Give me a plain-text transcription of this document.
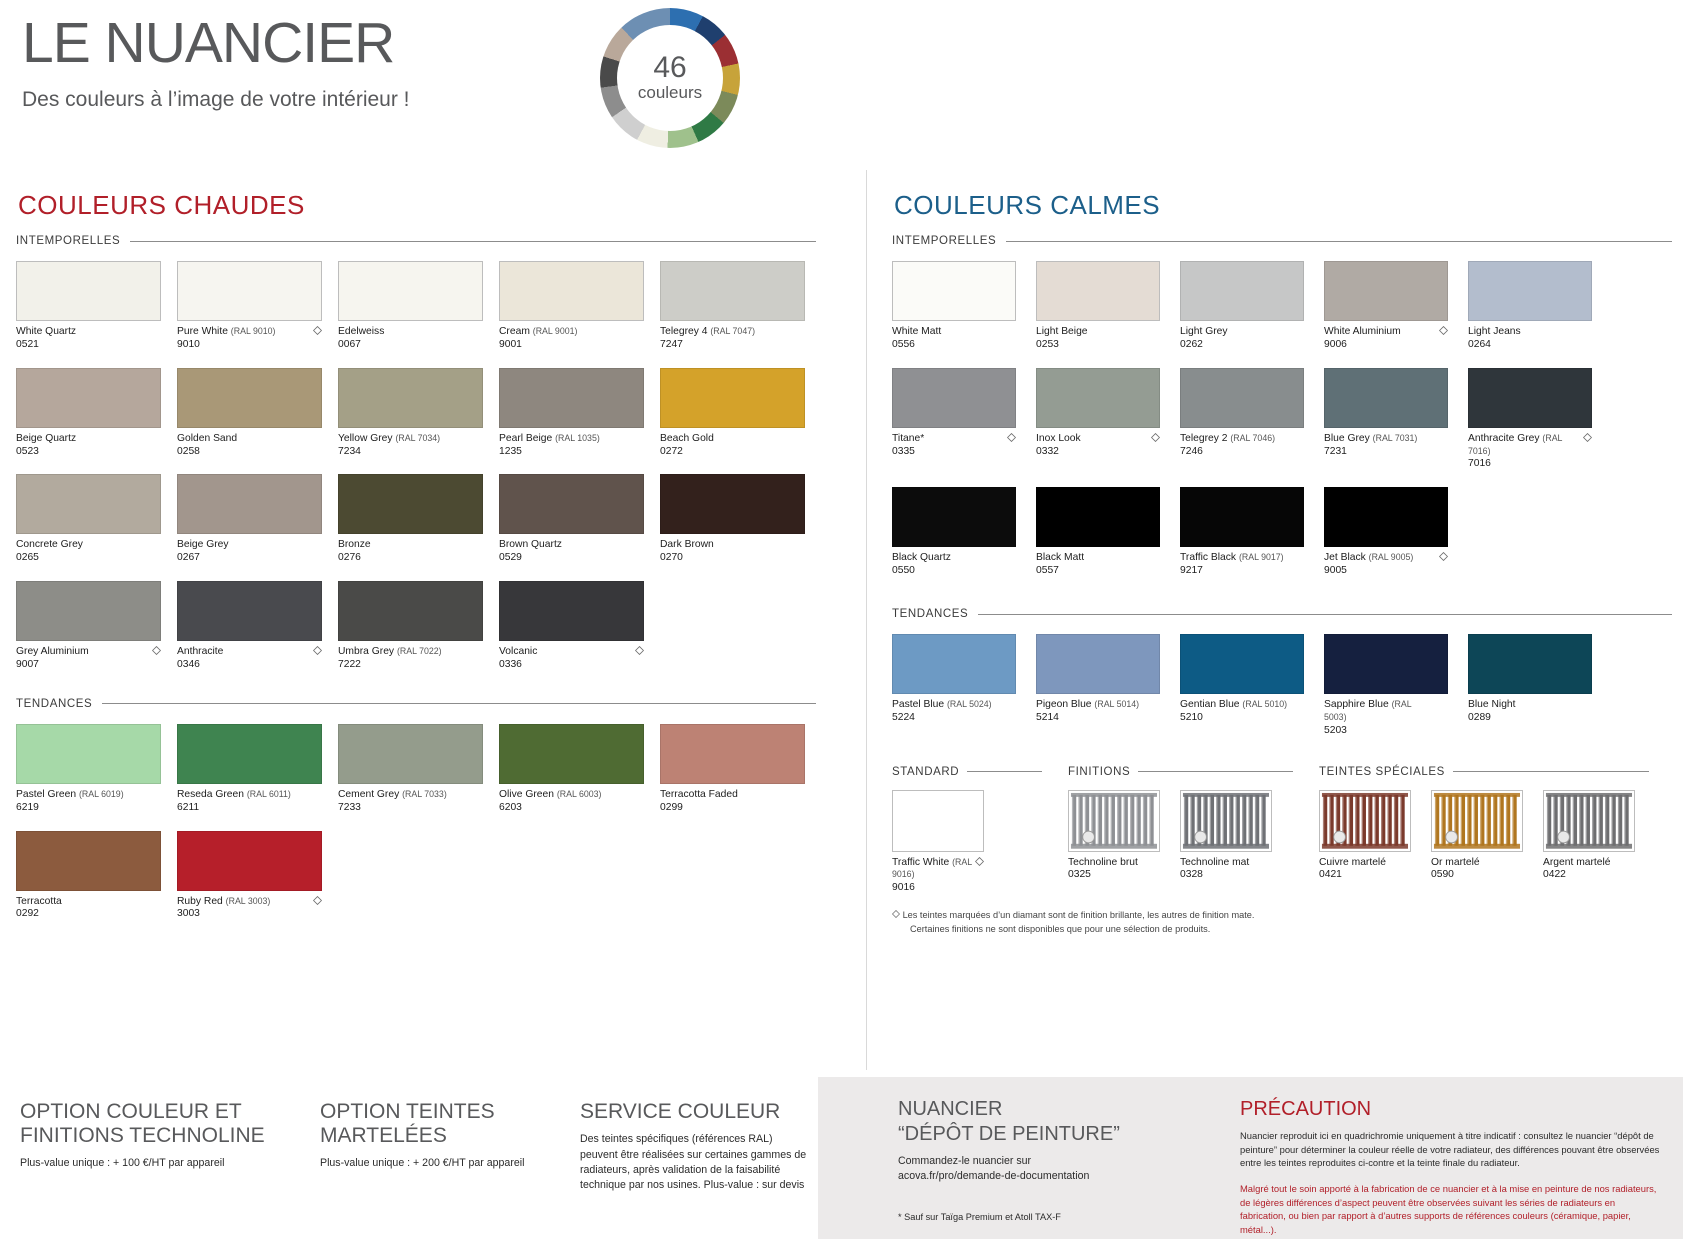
LE NUANCIER
Des couleurs à l’image de votre intérieur !
46
couleurs
COULEURS CHAUDES
INTEMPORELLES
White Quartz
0521
Pure White (RAL 9010)
9010
Edelweiss
0067
Cream (RAL 9001)
9001
Telegrey 4 (RAL 7047)
7247
Beige Quartz
0523
Golden Sand
0258
Yellow Grey (RAL 7034)
7234
Pearl Beige (RAL 1035)
1235
Beach Gold
0272
Concrete Grey
0265
Beige Grey
0267
Bronze
0276
Brown Quartz
0529
Dark Brown
0270
Grey Aluminium
9007
Anthracite
0346
Umbra Grey (RAL 7022)
7222
Volcanic
0336
TENDANCES
Pastel Green (RAL 6019)
6219
Reseda Green (RAL 6011)
6211
Cement Grey (RAL 7033)
7233
Olive Green (RAL 6003)
6203
Terracotta Faded
0299
Terracotta
0292
Ruby Red (RAL 3003)
3003
COULEURS CALMES
INTEMPORELLES
White Matt
0556
Light Beige
0253
Light Grey
0262
White Aluminium
9006
Light Jeans
0264
Titane*
0335
Inox Look
0332
Telegrey 2 (RAL 7046)
7246
Blue Grey (RAL 7031)
7231
Anthracite Grey (RAL 7016)
7016
Black Quartz
0550
Black Matt
0557
Traffic Black (RAL 9017)
9217
Jet Black (RAL 9005)
9005
TENDANCES
Pastel Blue (RAL 5024)
5224
Pigeon Blue (RAL 5014)
5214
Gentian Blue (RAL 5010)
5210
Sapphire Blue (RAL 5003)
5203
Blue Night
0289
STANDARD
Traffic White (RAL 9016)
9016
FINITIONS
Technoline brut
0325
Technoline mat
0328
TEINTES SPÉCIALES
Cuivre martelé
0421
Or martelé
0590
Argent martelé
0422
Les teintes marquées d’un diamant sont de finition brillante, les autres de finition mate.
Certaines finitions ne sont disponibles que pour une sélection de produits.
OPTION COULEUR ET FINITIONS TECHNOLINE
Plus-value unique : + 100 €/HT par appareil
OPTION TEINTES MARTELÉES
Plus-value unique : + 200 €/HT par appareil
SERVICE COULEUR
Des teintes spécifiques (références RAL) peuvent être réalisées sur certaines gammes de radiateurs, après validation de la faisabilité technique par nos usines. Plus-value : sur devis
NUANCIER
“DÉPÔT DE PEINTURE”
Commandez-le nuancier sur
acova.fr/pro/demande-de-documentation
* Sauf sur Taïga Premium et Atoll TAX-F
PRÉCAUTION
Nuancier reproduit ici en quadrichromie uniquement à titre indicatif : consultez le nuancier “dépôt de peinture” pour déterminer la couleur réelle de votre radiateur, des différences pouvant être observées entre les teintes reproduites ci-contre et la teinte finale du radiateur.
Malgré tout le soin apporté à la fabrication de ce nuancier et à la mise en peinture de nos radiateurs, de légères différences d’aspect peuvent être observées suivant les séries de radiateurs en fabrication, ou bien par rapport à d’autres supports de références couleurs (céramique, papier, métal...).
